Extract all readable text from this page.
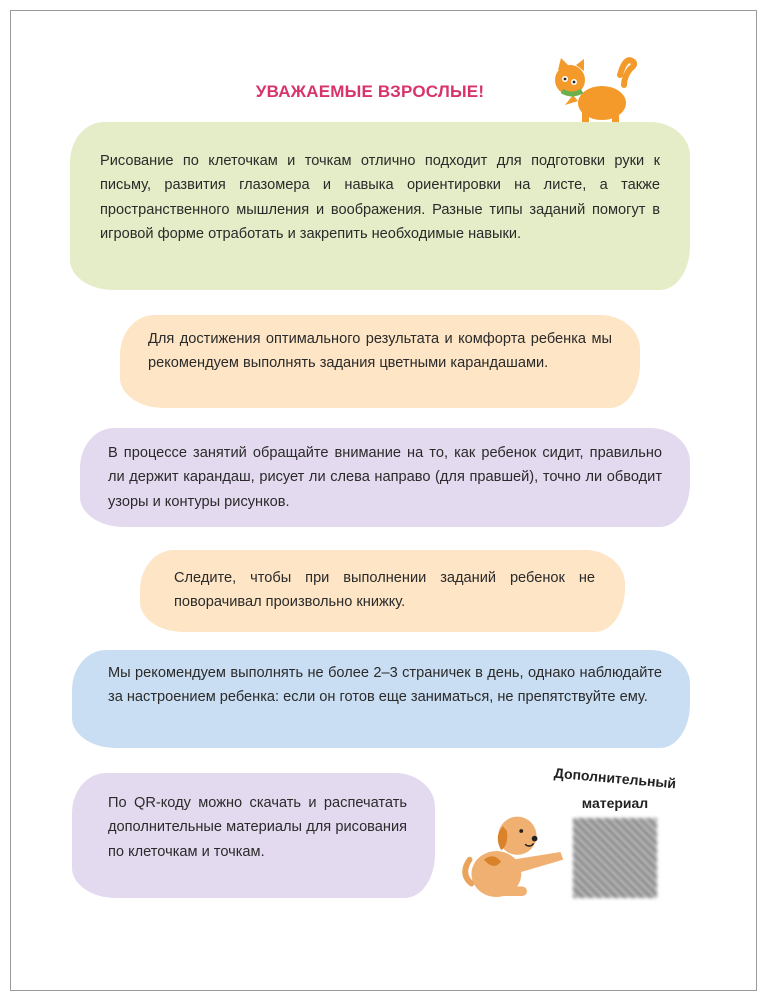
УВАЖАЕМЫЕ ВЗРОСЛЫЕ!

Рисование по клеточкам и точкам отлично подходит для подготовки руки к письму, развития глазомера и навыка ориентировки на листе, а также пространственного мышления и воображения. Разные типы заданий помогут в игровой форме отработать и закрепить необходимые навыки.

Для достижения оптимального результата и комфорта ребенка мы рекомендуем выполнять задания цветными карандашами.

В процессе занятий обращайте внимание на то, как ребенок сидит, правильно ли держит карандаш, рисует ли слева направо (для правшей), точно ли обводит узоры и контуры рисунков.

Следите, чтобы при выполнении заданий ребенок не поворачивал произвольно книжку.

Мы рекомендуем выполнять не более 2–3 страничек в день, однако наблюдайте за настроением ребенка: если он готов еще заниматься, не препятствуйте ему.

По QR-коду можно скачать и распечатать дополнительные материалы для рисования по клеточкам и точкам.

Дополнительный
материал
